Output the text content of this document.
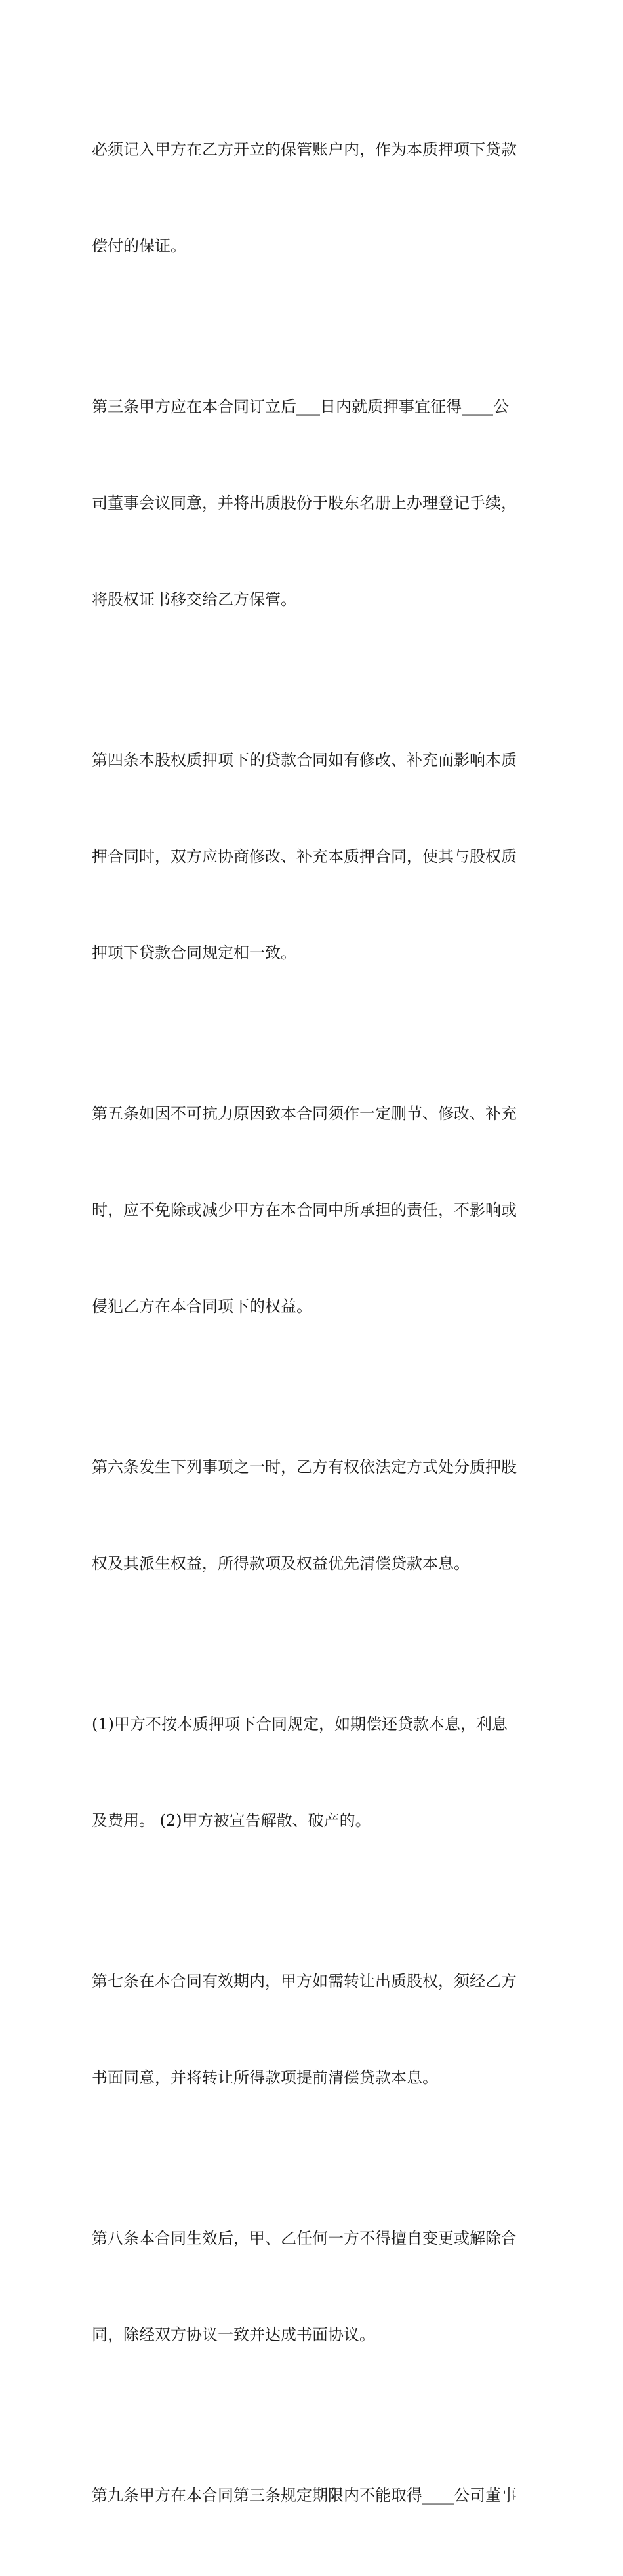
必须记入甲方在乙方开立的保管账户内，作为本质押项下贷款

偿付的保证。

第三条甲方应在本合同订立后___日内就质押事宜征得____公

司董事会议同意，并将出质股份于股东名册上办理登记手续，

将股权证书移交给乙方保管。

第四条本股权质押项下的贷款合同如有修改、补充而影响本质

押合同时，双方应协商修改、补充本质押合同，使其与股权质

押项下贷款合同规定相一致。

第五条如因不可抗力原因致本合同须作一定删节、修改、补充

时，应不免除或减少甲方在本合同中所承担的责任，不影响或

侵犯乙方在本合同项下的权益。

第六条发生下列事项之一时，乙方有权依法定方式处分质押股

权及其派生权益，所得款项及权益优先清偿贷款本息。

(1)甲方不按本质押项下合同规定，如期偿还贷款本息，利息

及费用。 (2)甲方被宣告解散、破产的。

第七条在本合同有效期内，甲方如需转让出质股权，须经乙方

书面同意，并将转让所得款项提前清偿贷款本息。

第八条本合同生效后，甲、乙任何一方不得擅自变更或解除合

同，除经双方协议一致并达成书面协议。

第九条甲方在本合同第三条规定期限内不能取得____公司董事
